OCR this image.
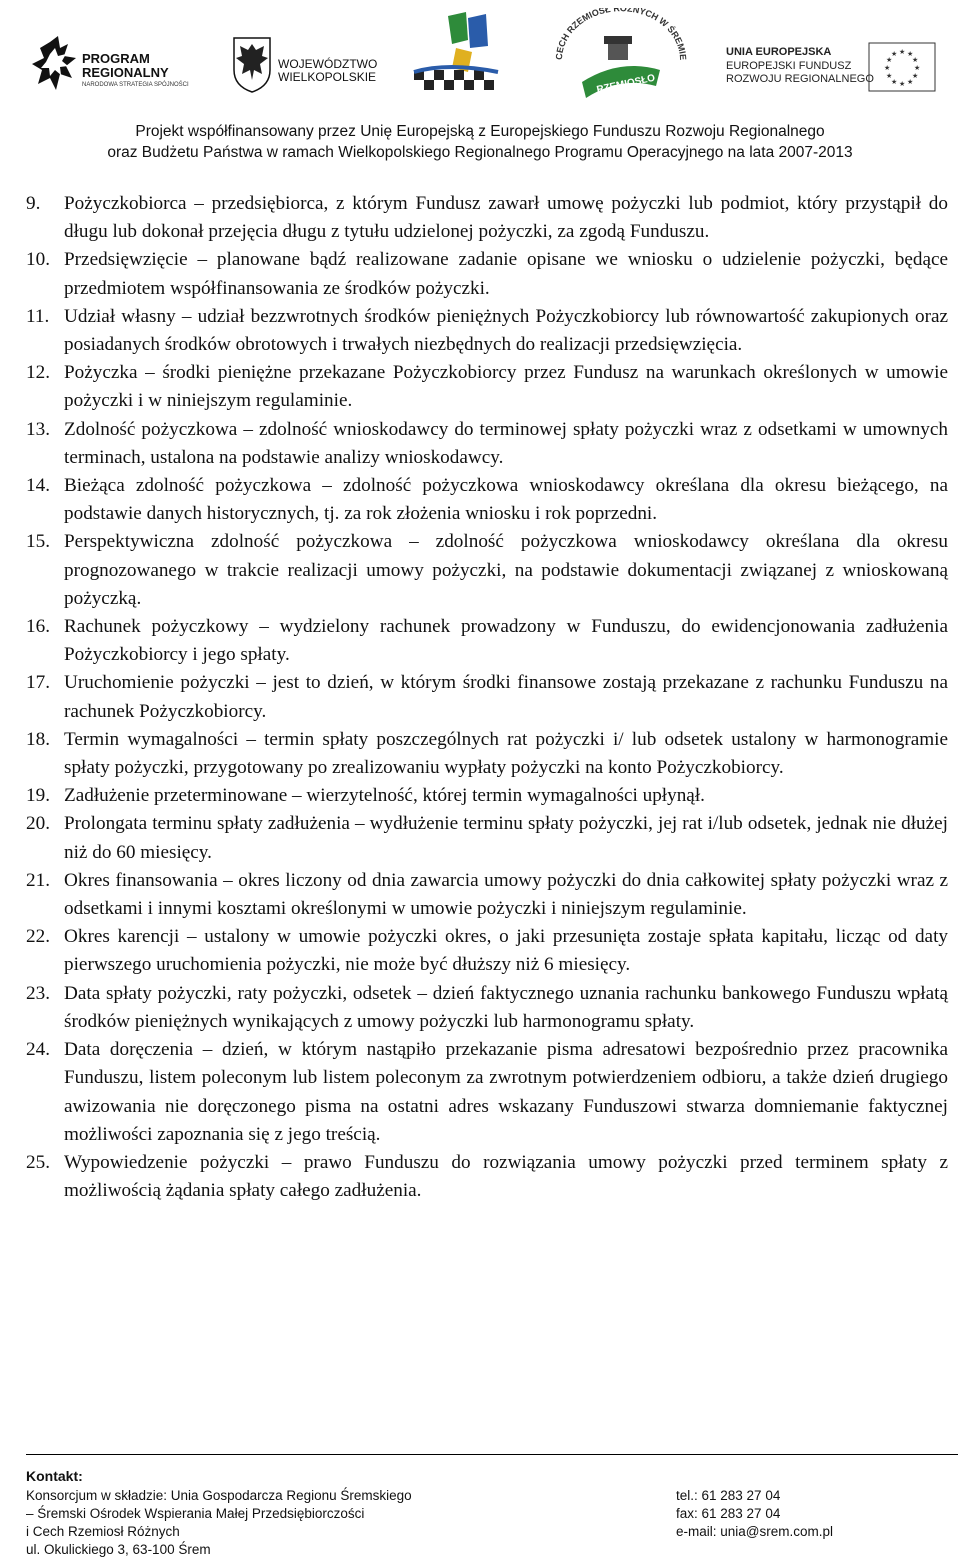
PROGRAM
REGIONALNY
NARODOWA STRATEGIA SPÓJNOŚCI
WOJEWÓDZTWO
WIELKOPOLSKIE
CECH RZEMIOSŁ RÓŻNYCH W ŚREMIE
RZEMIOSŁO
UNIA EUROPEJSKA
EUROPEJSKI FUNDUSZ
ROZWOJU REGIONALNEGO
★ ★
★
★
★
★
★
★
★
★
★
★
Projekt współfinansowany przez Unię Europejską z Europejskiego Funduszu Rozwoju Regionalnego
oraz Budżetu Państwa w ramach Wielkopolskiego Regionalnego Programu Operacyjnego na lata 2007-2013
9. Pożyczkobiorca – przedsiębiorca, z którym Fundusz zawarł umowę pożyczki lub podmiot, który przystąpił do długu lub dokonał przejęcia długu z tytułu udzielonej pożyczki, za zgodą Funduszu.
10. Przedsięwzięcie – planowane bądź realizowane zadanie opisane we wniosku o udzielenie pożyczki, będące przedmiotem współfinansowania ze środków pożyczki.
11. Udział własny – udział bezzwrotnych środków pieniężnych Pożyczkobiorcy lub równowartość zakupionych oraz posiadanych środków obrotowych i trwałych niezbędnych do realizacji przedsięwzięcia.
12. Pożyczka – środki pieniężne przekazane Pożyczkobiorcy przez Fundusz na warunkach określonych w umowie pożyczki i w niniejszym regulaminie.
13. Zdolność pożyczkowa – zdolność wnioskodawcy do terminowej spłaty pożyczki wraz z odsetkami w umownych terminach, ustalona na podstawie analizy wnioskodawcy.
14. Bieżąca zdolność pożyczkowa – zdolność pożyczkowa wnioskodawcy określana dla okresu bieżącego, na podstawie danych historycznych, tj. za rok złożenia wniosku i rok poprzedni.
15. Perspektywiczna zdolność pożyczkowa – zdolność pożyczkowa wnioskodawcy określana dla okresu prognozowanego w trakcie realizacji umowy pożyczki, na podstawie dokumentacji związanej z wnioskowaną pożyczką.
16. Rachunek pożyczkowy – wydzielony rachunek prowadzony w Funduszu, do ewidencjonowania zadłużenia Pożyczkobiorcy i jego spłaty.
17. Uruchomienie pożyczki – jest to dzień, w którym środki finansowe zostają przekazane z rachunku Funduszu na rachunek Pożyczkobiorcy.
18. Termin wymagalności – termin spłaty poszczególnych rat pożyczki i/ lub odsetek ustalony w harmonogramie spłaty pożyczki, przygotowany po zrealizowaniu wypłaty pożyczki na konto Pożyczkobiorcy.
19. Zadłużenie przeterminowane – wierzytelność, której termin wymagalności upłynął.
20. Prolongata terminu spłaty zadłużenia – wydłużenie terminu spłaty pożyczki, jej rat i/lub odsetek, jednak nie dłużej niż do 60 miesięcy.
21. Okres finansowania – okres liczony od dnia zawarcia umowy pożyczki do dnia całkowitej spłaty pożyczki wraz z odsetkami i innymi kosztami określonymi w umowie pożyczki i niniejszym regulaminie.
22. Okres karencji – ustalony w umowie pożyczki okres, o jaki przesunięta zostaje spłata kapitału, licząc od daty pierwszego uruchomienia pożyczki, nie może być dłuższy niż 6 miesięcy.
23. Data spłaty pożyczki, raty pożyczki, odsetek – dzień faktycznego uznania rachunku bankowego Funduszu wpłatą środków pieniężnych wynikających z umowy pożyczki lub harmonogramu spłaty.
24. Data doręczenia – dzień, w którym nastąpiło przekazanie pisma adresatowi bezpośrednio przez pracownika Funduszu, listem poleconym lub listem poleconym za zwrotnym potwierdzeniem odbioru, a także dzień drugiego awizowania nie doręczonego pisma na ostatni adres wskazany Funduszowi stwarza domniemanie faktycznej możliwości zapoznania się z jego treścią.
25. Wypowiedzenie pożyczki – prawo Funduszu do rozwiązania umowy pożyczki przed terminem spłaty z możliwością żądania spłaty całego zadłużenia.
Kontakt:
Konsorcjum w składzie: Unia Gospodarcza Regionu Śremskiego
– Śremski Ośrodek Wspierania Małej Przedsiębiorczości
i Cech Rzemiosł Różnych
ul. Okulickiego 3, 63-100 Śrem
tel.: 61 283 27 04
fax: 61 283 27 04
e-mail: unia@srem.com.pl
